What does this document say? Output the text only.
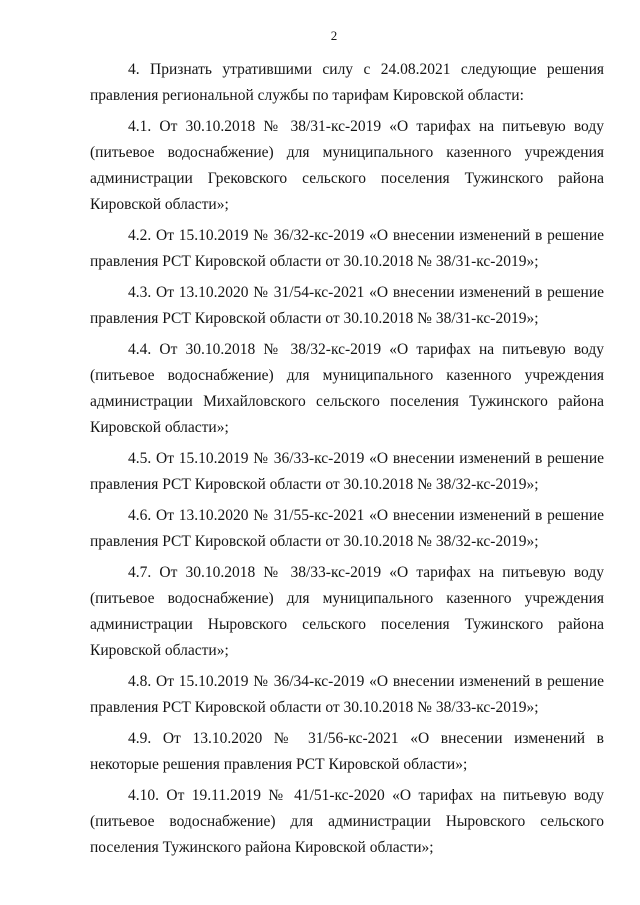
2

4. Признать утратившими силу с 24.08.2021 следующие решения правления региональной службы по тарифам Кировской области:

4.1. От 30.10.2018 № 38/31-кс-2019 «О тарифах на питьевую воду (питьевое водоснабжение) для муниципального казенного учреждения администрации Грековского сельского поселения Тужинского района Кировской области»;

4.2. От 15.10.2019 № 36/32-кс-2019 «О внесении изменений в решение правления РСТ Кировской области от 30.10.2018 № 38/31-кс-2019»;

4.3. От 13.10.2020 № 31/54-кс-2021 «О внесении изменений в решение правления РСТ Кировской области от 30.10.2018 № 38/31-кс-2019»;

4.4. От 30.10.2018 № 38/32-кс-2019 «О тарифах на питьевую воду (питьевое водоснабжение) для муниципального казенного учреждения администрации Михайловского сельского поселения Тужинского района Кировской области»;

4.5. От 15.10.2019 № 36/33-кс-2019 «О внесении изменений в решение правления РСТ Кировской области от 30.10.2018 № 38/32-кс-2019»;

4.6. От 13.10.2020 № 31/55-кс-2021 «О внесении изменений в решение правления РСТ Кировской области от 30.10.2018 № 38/32-кс-2019»;

4.7. От 30.10.2018 № 38/33-кс-2019 «О тарифах на питьевую воду (питьевое водоснабжение) для муниципального казенного учреждения администрации Ныровского сельского поселения Тужинского района Кировской области»;

4.8. От 15.10.2019 № 36/34-кс-2019 «О внесении изменений в решение правления РСТ Кировской области от 30.10.2018 № 38/33-кс-2019»;

4.9. От 13.10.2020 № 31/56-кс-2021 «О внесении изменений в некоторые решения правления РСТ Кировской области»;

4.10. От 19.11.2019 № 41/51-кс-2020 «О тарифах на питьевую воду (питьевое водоснабжение) для администрации Ныровского сельского поселения Тужинского района Кировской области»;
